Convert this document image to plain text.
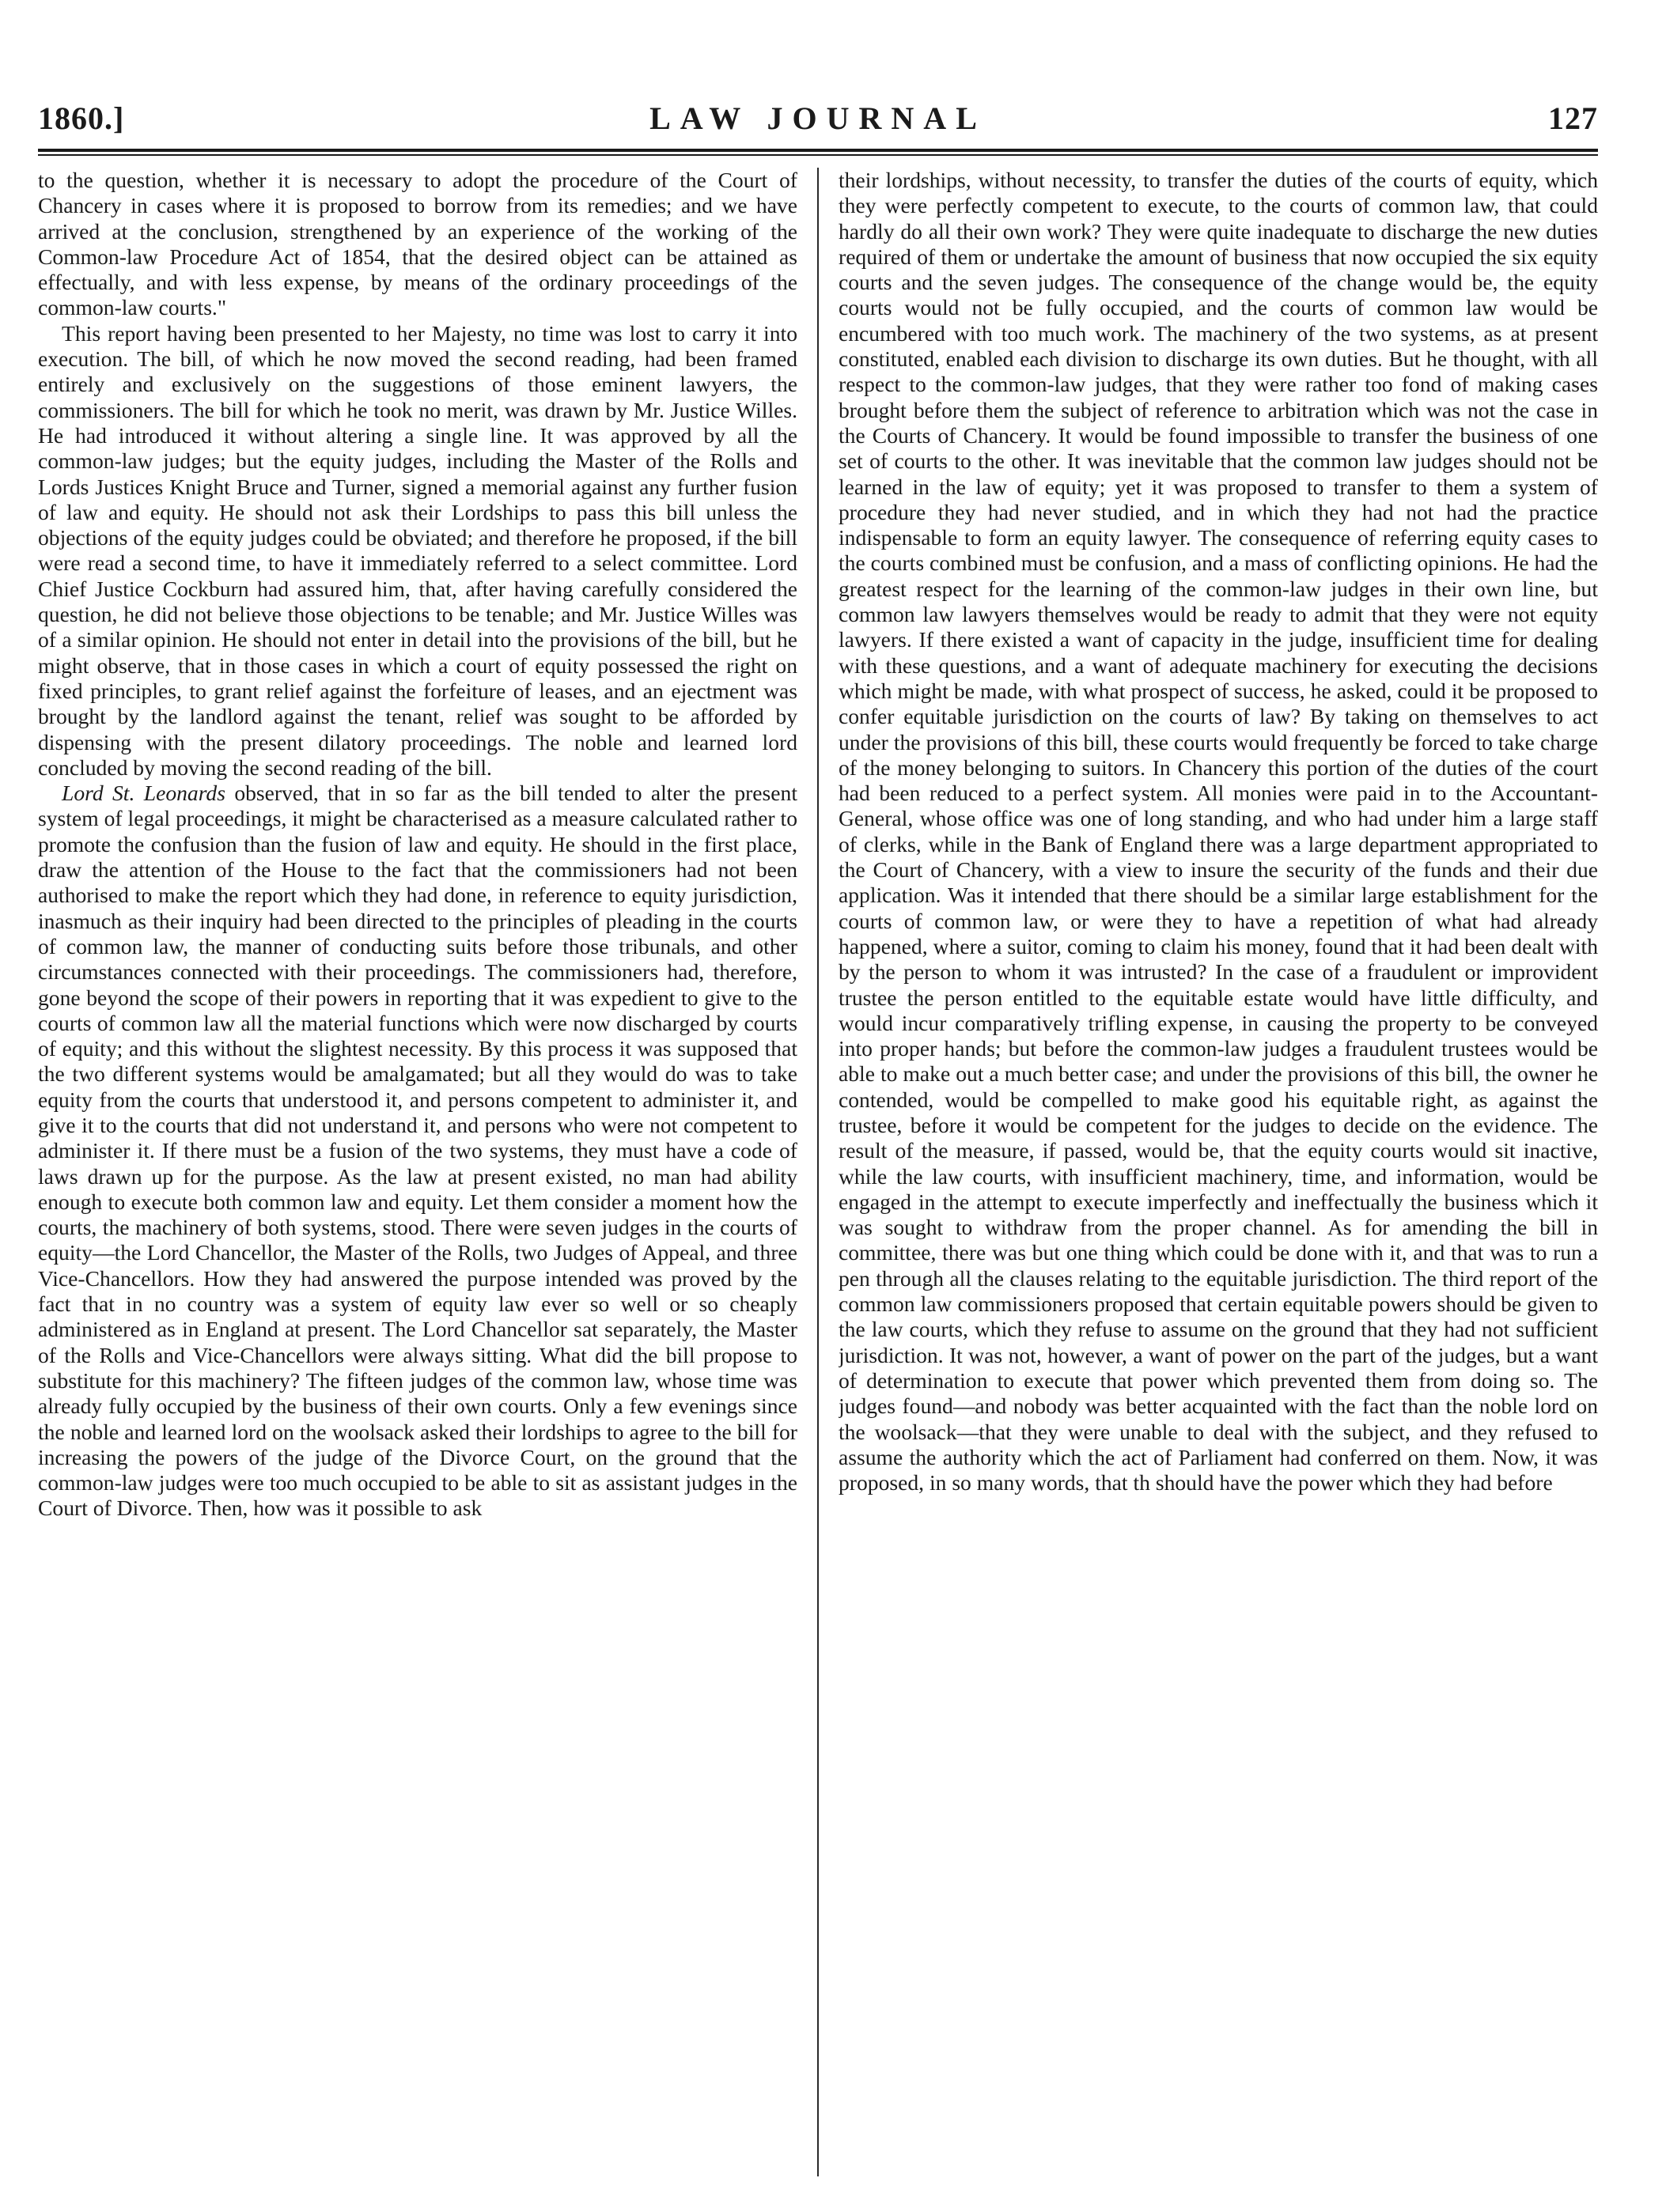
1860.]	LAW JOURNAL	127

to the question, whether it is necessary to adopt the procedure of the Court of Chancery in cases where it is proposed to borrow from its remedies; and we have arrived at the conclusion, strengthened by an experience of the working of the Common-law Procedure Act of 1854, that the desired object can be attained as effectually, and with less expense, by means of the ordinary proceedings of the common-law courts."

This report having been presented to her Majesty, no time was lost to carry it into execution. The bill, of which he now moved the second reading, had been framed entirely and exclusively on the suggestions of those eminent lawyers, the commissioners. The bill for which he took no merit, was drawn by Mr. Justice Willes. He had introduced it without altering a single line. It was approved by all the common-law judges; but the equity judges, including the Master of the Rolls and Lords Justices Knight Bruce and Turner, signed a memorial against any further fusion of law and equity. He should not ask their Lordships to pass this bill unless the objections of the equity judges could be obviated; and therefore he proposed, if the bill were read a second time, to have it immediately referred to a select committee. Lord Chief Justice Cockburn had assured him, that, after having carefully considered the question, he did not believe those objections to be tenable; and Mr. Justice Willes was of a similar opinion. He should not enter in detail into the provisions of the bill, but he might observe, that in those cases in which a court of equity possessed the right on fixed principles, to grant relief against the forfeiture of leases, and an ejectment was brought by the landlord against the tenant, relief was sought to be afforded by dispensing with the present dilatory proceedings. The noble and learned lord concluded by moving the second reading of the bill.

Lord St. Leonards observed, that in so far as the bill tended to alter the present system of legal proceedings, it might be characterised as a measure calculated rather to promote the confusion than the fusion of law and equity. He should in the first place, draw the attention of the House to the fact that the commissioners had not been authorised to make the report which they had done, in reference to equity jurisdiction, inasmuch as their inquiry had been directed to the principles of pleading in the courts of common law, the manner of conducting suits before those tribunals, and other circumstances connected with their proceedings. The commissioners had, therefore, gone beyond the scope of their powers in reporting that it was expedient to give to the courts of common law all the material functions which were now discharged by courts of equity; and this without the slightest necessity. By this process it was supposed that the two different systems would be amalgamated; but all they would do was to take equity from the courts that understood it, and persons competent to administer it, and give it to the courts that did not understand it, and persons who were not competent to administer it. If there must be a fusion of the two systems, they must have a code of laws drawn up for the purpose. As the law at present existed, no man had ability enough to execute both common law and equity. Let them consider a moment how the courts, the machinery of both systems, stood. There were seven judges in the courts of equity—the Lord Chancellor, the Master of the Rolls, two Judges of Appeal, and three Vice-Chancellors. How they had answered the purpose intended was proved by the fact that in no country was a system of equity law ever so well or so cheaply administered as in England at present. The Lord Chancellor sat separately, the Master of the Rolls and Vice-Chancellors were always sitting. What did the bill propose to substitute for this machinery? The fifteen judges of the common law, whose time was already fully occupied by the business of their own courts. Only a few evenings since the noble and learned lord on the woolsack asked their lordships to agree to the bill for increasing the powers of the judge of the Divorce Court, on the ground that the common-law judges were too much occupied to be able to sit as assistant judges in the Court of Divorce. Then, how was it possible to ask

their lordships, without necessity, to transfer the duties of the courts of equity, which they were perfectly competent to execute, to the courts of common law, that could hardly do all their own work? They were quite inadequate to discharge the new duties required of them or undertake the amount of business that now occupied the six equity courts and the seven judges. The consequence of the change would be, the equity courts would not be fully occupied, and the courts of common law would be encumbered with too much work. The machinery of the two systems, as at present constituted, enabled each division to discharge its own duties. But he thought, with all respect to the common-law judges, that they were rather too fond of making cases brought before them the subject of reference to arbitration which was not the case in the Courts of Chancery. It would be found impossible to transfer the business of one set of courts to the other. It was inevitable that the common law judges should not be learned in the law of equity; yet it was proposed to transfer to them a system of procedure they had never studied, and in which they had not had the practice indispensable to form an equity lawyer. The consequence of referring equity cases to the courts combined must be confusion, and a mass of conflicting opinions. He had the greatest respect for the learning of the common-law judges in their own line, but common law lawyers themselves would be ready to admit that they were not equity lawyers. If there existed a want of capacity in the judge, insufficient time for dealing with these questions, and a want of adequate machinery for executing the decisions which might be made, with what prospect of success, he asked, could it be proposed to confer equitable jurisdiction on the courts of law? By taking on themselves to act under the provisions of this bill, these courts would frequently be forced to take charge of the money belonging to suitors. In Chancery this portion of the duties of the court had been reduced to a perfect system. All monies were paid in to the Accountant-General, whose office was one of long standing, and who had under him a large staff of clerks, while in the Bank of England there was a large department appropriated to the Court of Chancery, with a view to insure the security of the funds and their due application. Was it intended that there should be a similar large establishment for the courts of common law, or were they to have a repetition of what had already happened, where a suitor, coming to claim his money, found that it had been dealt with by the person to whom it was intrusted? In the case of a fraudulent or improvident trustee the person entitled to the equitable estate would have little difficulty, and would incur comparatively trifling expense, in causing the property to be conveyed into proper hands; but before the common-law judges a fraudulent trustees would be able to make out a much better case; and under the provisions of this bill, the owner he contended, would be compelled to make good his equitable right, as against the trustee, before it would be competent for the judges to decide on the evidence. The result of the measure, if passed, would be, that the equity courts would sit inactive, while the law courts, with insufficient machinery, time, and information, would be engaged in the attempt to execute imperfectly and ineffectually the business which it was sought to withdraw from the proper channel. As for amending the bill in committee, there was but one thing which could be done with it, and that was to run a pen through all the clauses relating to the equitable jurisdiction. The third report of the common law commissioners proposed that certain equitable powers should be given to the law courts, which they refuse to assume on the ground that they had not sufficient jurisdiction. It was not, however, a want of power on the part of the judges, but a want of determination to execute that power which prevented them from doing so. The judges found—and nobody was better acquainted with the fact than the noble lord on the woolsack—that they were unable to deal with the subject, and they refused to assume the authority which the act of Parliament had conferred on them. Now, it was proposed, in so many words, that th should have the power which they had before
